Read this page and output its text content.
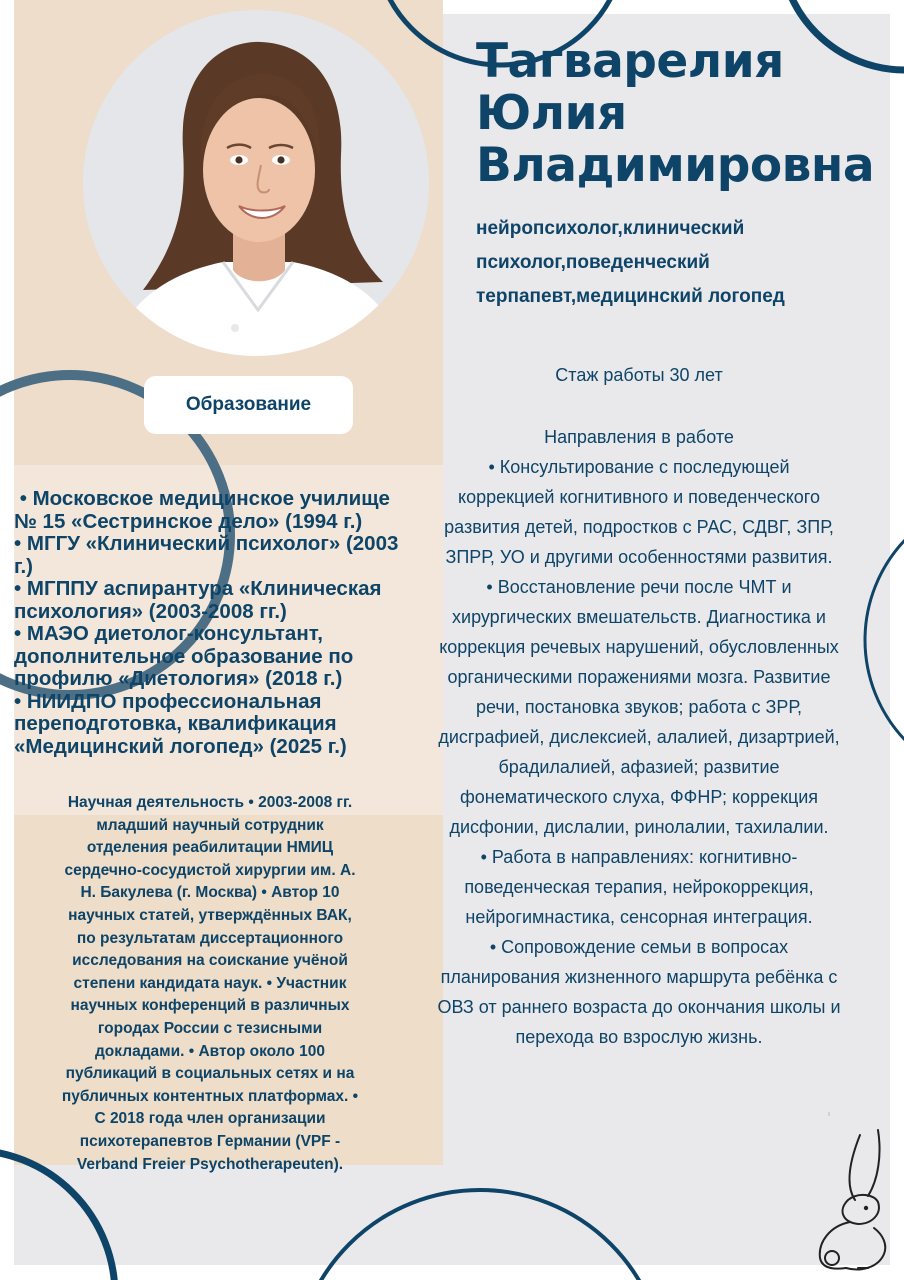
Тагварелия
Юлия
Владимировна
нейропсихолог,клинический
психолог,поведенческий
терпапевт,медицинский логопед
Образование
• Московское медицинское училище
№ 15 «Сестринское дело» (1994 г.)
• МГГУ «Клинический психолог» (2003
г.)
• МГППУ аспирантура «Клиническая
психология» (2003-2008 гг.)
• МАЭО диетолог-консультант,
дополнительное образование по
профилю «Диетология» (2018 г.)
• НИИДПО профессиональная
переподготовка, квалификация
«Медицинский логопед» (2025 г.)
Научная деятельность • 2003-2008 гг.
младший научный сотрудник
отделения реабилитации НМИЦ
сердечно-сосудистой хирургии им. А.
Н. Бакулева (г. Москва) • Автор 10
научных статей, утверждённых ВАК,
по результатам диссертационного
исследования на соискание учёной
степени кандидата наук. • Участник
научных конференций в различных
городах России с тезисными
докладами. • Автор около 100
публикаций в социальных сетях и на
публичных контентных платформах. •
С 2018 года член организации
психотерапевтов Германии (VPF -
Verband Freier Psychotherapeuten).

Стаж работы 30 лет

Направления в работе

• Консультирование с последующей

коррекцией когнитивного и поведенческого

развития детей, подростков с РАС, СДВГ, ЗПР,

ЗПРР, УО и другими особенностями развития.

• Восстановление речи после ЧМТ и

хирургических вмешательств. Диагностика и

коррекция речевых нарушений, обусловленных

органическими поражениями мозга. Развитие

речи, постановка звуков; работа с ЗРР,

дисграфией, дислексией, алалией, дизартрией,

брадилалией, афазией; развитие

фонематического слуха, ФФНР; коррекция

дисфонии, дислалии, ринолалии, тахилалии.

• Работа в направлениях: когнитивно-

поведенческая терапия, нейрокоррекция,

нейрогимнастика, сенсорная интеграция.

• Сопровождение семьи в вопросах

планирования жизненного маршрута ребёнка с

ОВЗ от раннего возраста до окончания школы и

перехода во взрослую жизнь.
